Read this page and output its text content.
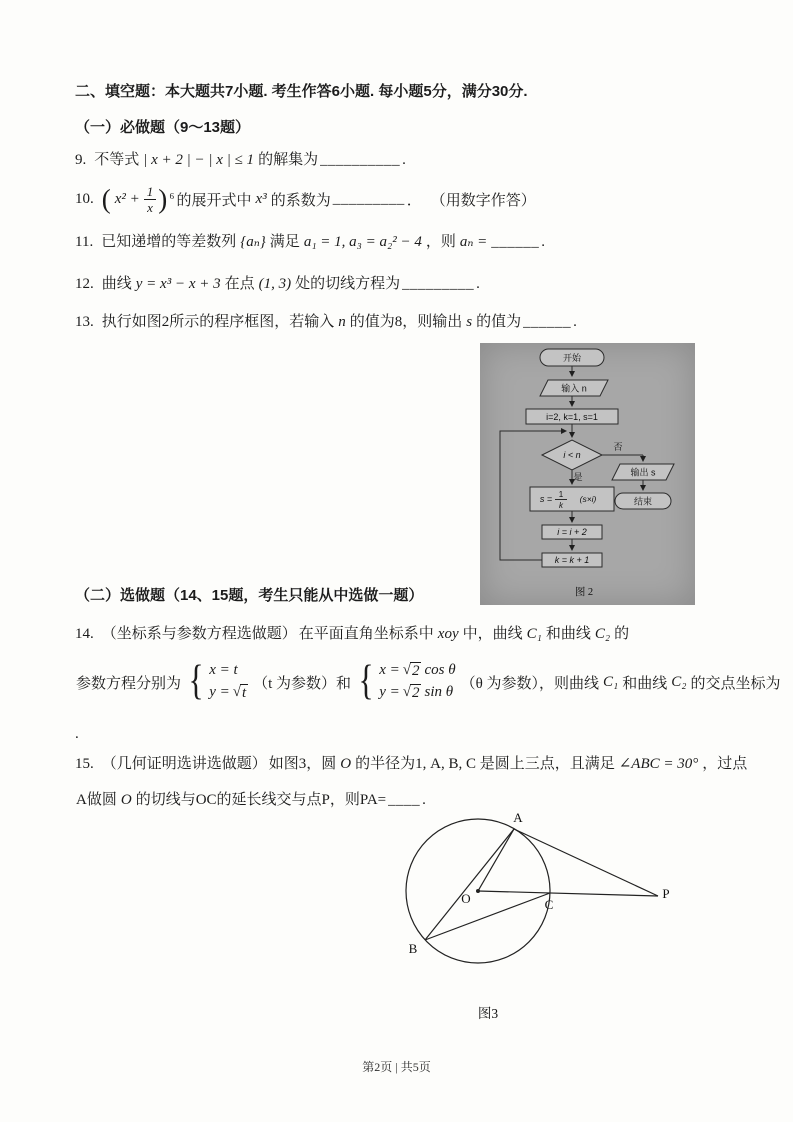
二、填空题：本大题共7小题. 考生作答6小题. 每小题5分，满分30分.
（一）必做题（9～13题）
9. 不等式 | x + 2 | − | x | ≤ 1 的解集为 __________ .
10. ( $x^2 + \frac{1}{x}$ ) ⁶ 的展开式中 x³ 的系数为 _________ ． （用数字作答）
11. 已知递增的等差数列 {aₙ} 满足 a₁ = 1, a₃ = a₂² − 4 ，则 aₙ = ______ .
12. 曲线 y = x³ − x + 3 在点 (1, 3) 处的切线方程为 _________ .
13. 执行如图2所示的程序框图，若输入 n 的值为8，则输出 s 的值为 ______ .
开始
输入 n
i=2, k=1, s=1
i < n
否
输出 s
结束
是
s = 1
k
(s×i)
i = i + 2
k = k + 1
图 2
（二）选做题（14、15题，考生只能从中选做一题）
14. （坐标系与参数方程选做题） 在平面直角坐标系中 xoy 中，曲线 C₁ 和曲线 C₂ 的
参数方程分别为 { x = t
y = √ t
（t 为参数）和 { x = √ 2 cos θ
y = √ 2 sin θ
（θ 为参数），则曲线 C₁ 和曲线 C₂ 的交点坐标为
.
15. （几何证明选讲选做题） 如图3，圆 O 的半径为1, A, B, C 是圆上三点，且满足 ∠ABC = 30° ，过点
A做圆 O 的切线与OC的延长线交与点P，则PA= ____ .
A
B
O	C
P
图3
第2页 | 共5页
